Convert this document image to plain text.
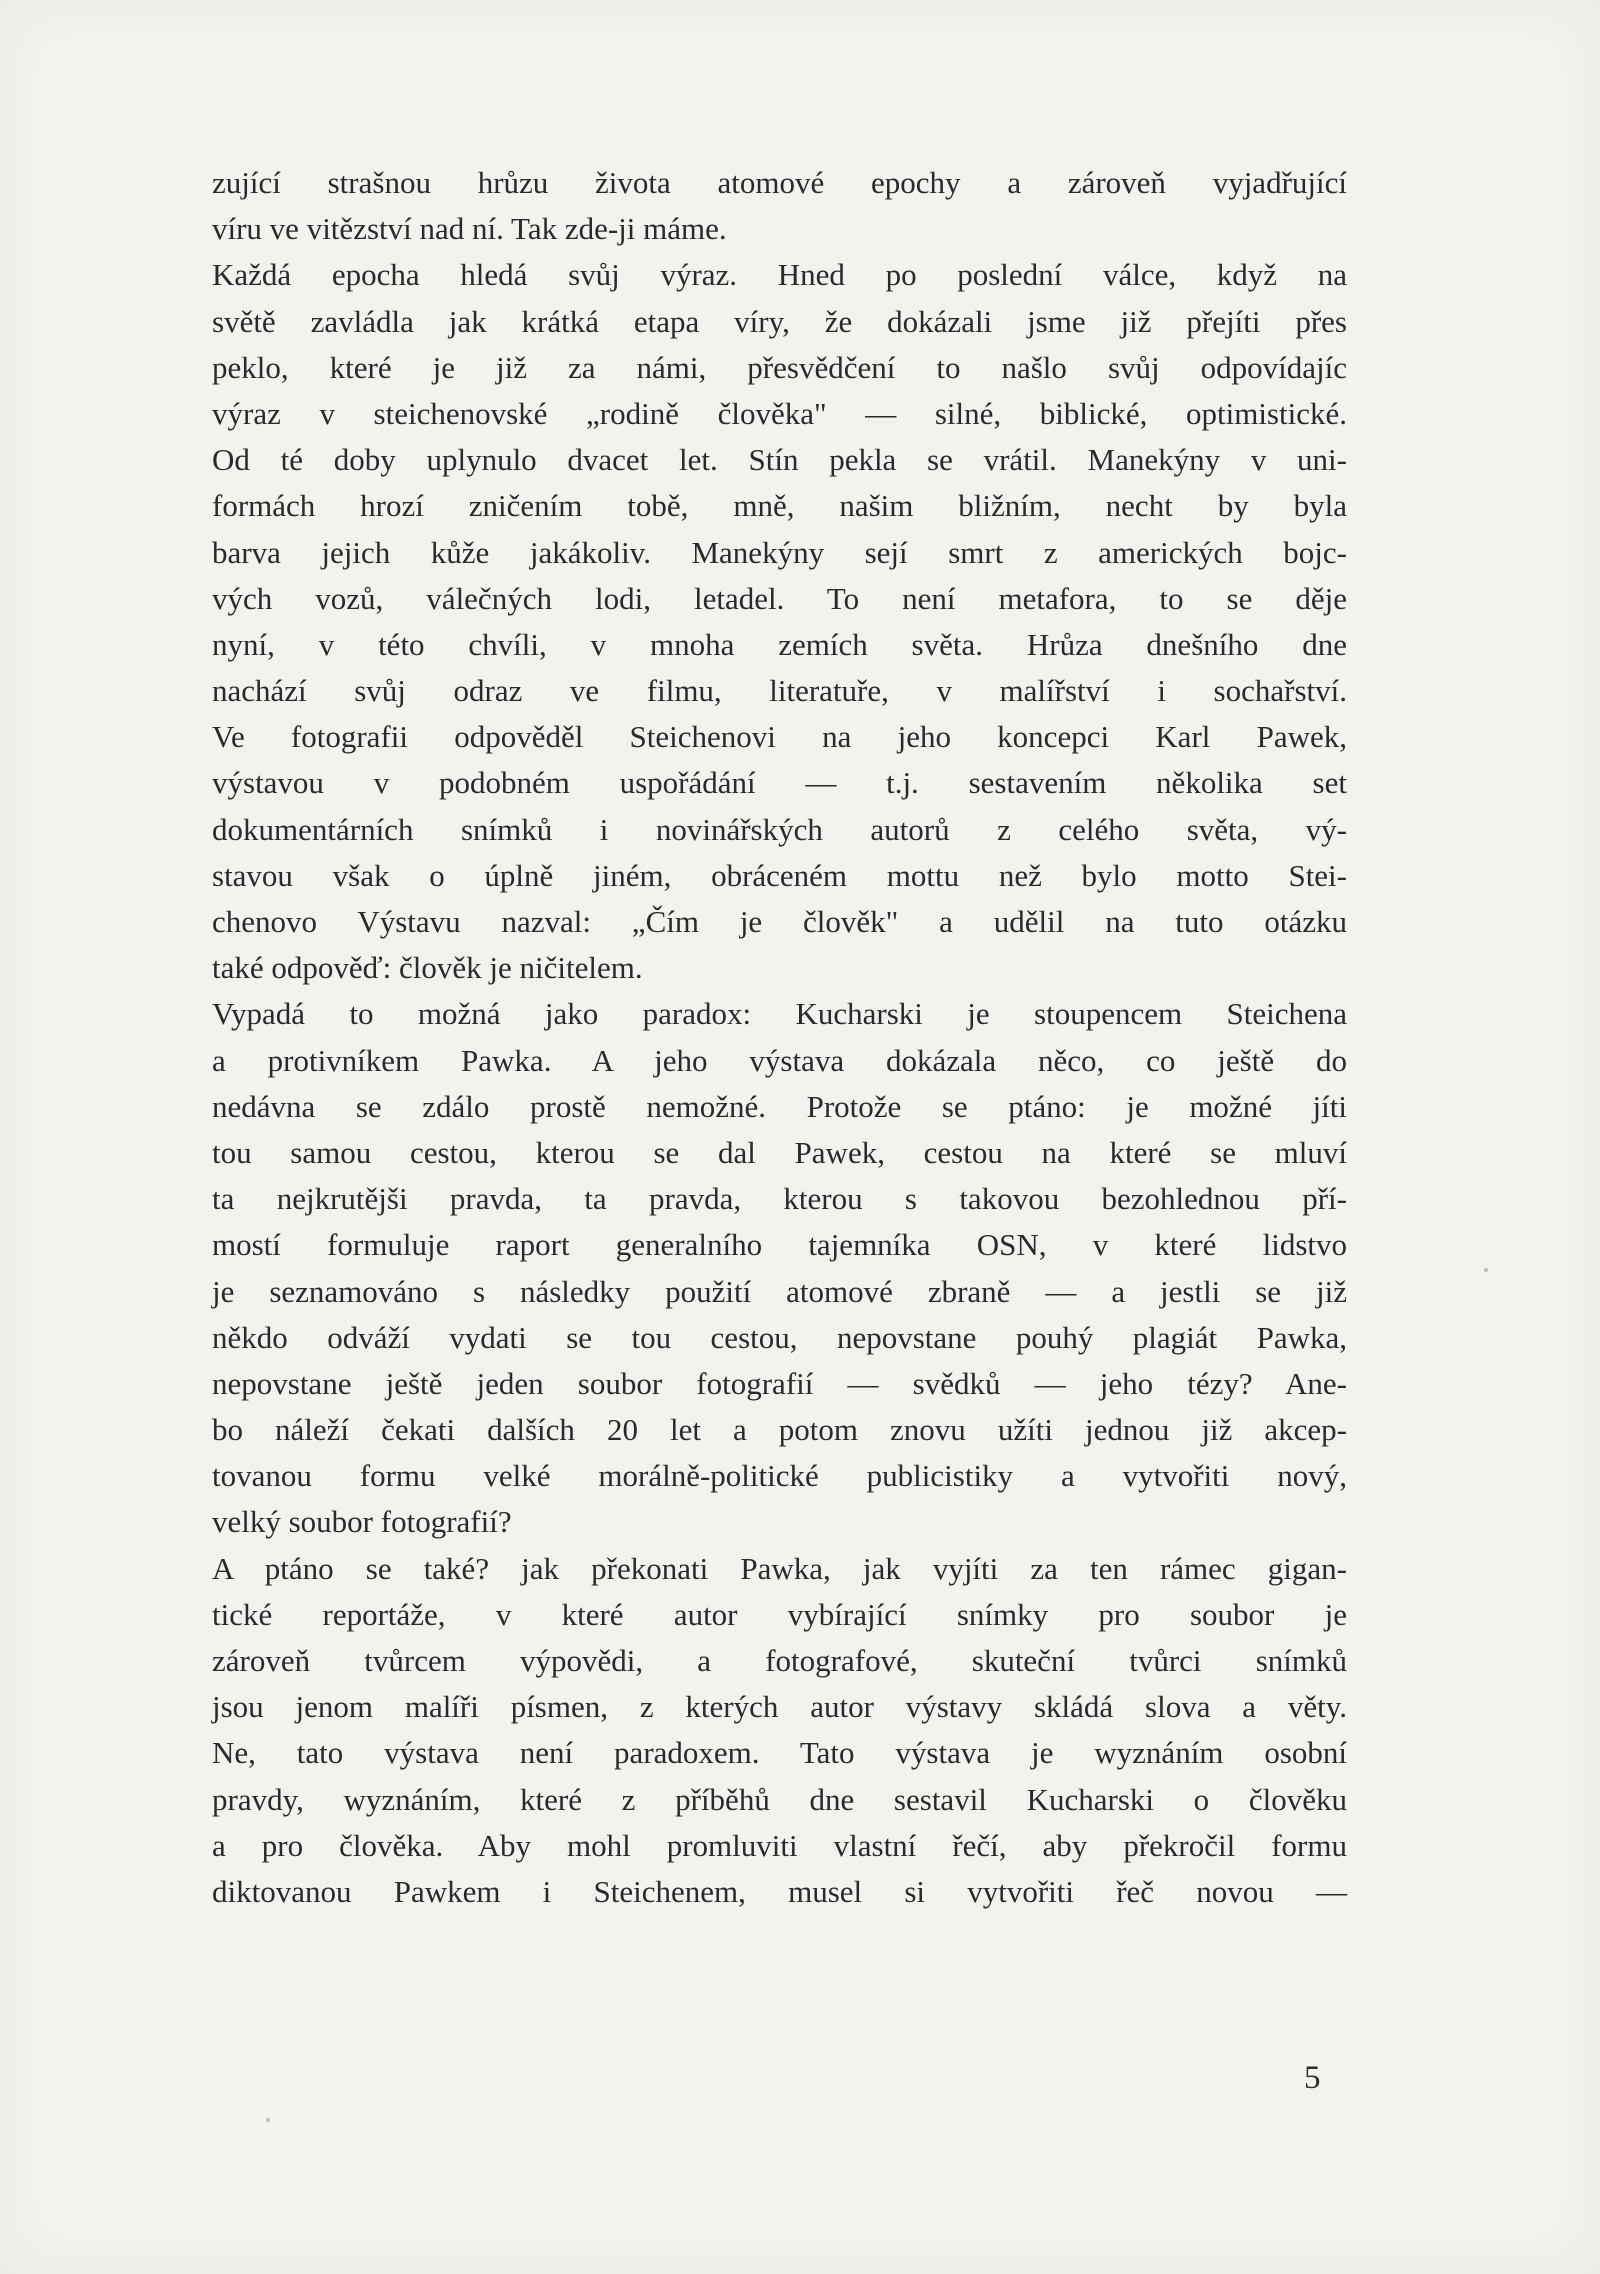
zující strašnou hrůzu života atomové epochy a zároveň vyjadřující
víru ve vitězství nad ní. Tak zde-ji máme.
Každá epocha hledá svůj výraz. Hned po poslední válce, když na
světě zavládla jak krátká etapa víry, že dokázali jsme již přejíti přes
peklo, které je již za námi, přesvědčení to našlo svůj odpovídajíc
výraz v steichenovské „rodině člověka" — silné, biblické, optimistické.
Od té doby uplynulo dvacet let. Stín pekla se vrátil. Manekýny v uni-
formách hrozí zničením tobě, mně, našim bližním, necht by byla
barva jejich kůže jakákoliv. Manekýny sejí smrt z amerických bojc-
vých vozů, válečných lodi, letadel. To není metafora, to se děje
nyní, v této chvíli, v mnoha zemích světa. Hrůza dnešního dne
nachází svůj odraz ve filmu, literatuře, v malířství i sochařství.
Ve fotografii odpověděl Steichenovi na jeho koncepci Karl Pawek,
výstavou v podobném uspořádání — t.j. sestavením několika set
dokumentárních snímků i novinářských autorů z celého světa, vý-
stavou však o úplně jiném, obráceném mottu než bylo motto Stei-
chenovo Výstavu nazval: „Čím je člověk" a udělil na tuto otázku
také odpověď: člověk je ničitelem.
Vypadá to možná jako paradox: Kucharski je stoupencem Steichena
a protivníkem Pawka. A jeho výstava dokázala něco, co ještě do
nedávna se zdálo prostě nemožné. Protože se ptáno: je možné jíti
tou samou cestou, kterou se dal Pawek, cestou na které se mluví
ta nejkrutějši pravda, ta pravda, kterou s takovou bezohlednou pří-
mostí formuluje raport generalního tajemníka OSN, v které lidstvo
je seznamováno s následky použití atomové zbraně — a jestli se již
někdo odváží vydati se tou cestou, nepovstane pouhý plagiát Pawka,
nepovstane ještě jeden soubor fotografií — svědků — jeho tézy? Ane-
bo náleží čekati dalších 20 let a potom znovu užíti jednou již akcep-
tovanou formu velké morálně-politické publicistiky a vytvořiti nový,
velký soubor fotografií?
A ptáno se také? jak překonati Pawka, jak vyjíti za ten rámec gigan-
tické reportáže, v které autor vybírající snímky pro soubor je
zároveň tvůrcem výpovědi, a fotografové, skuteční tvůrci snímků
jsou jenom malíři písmen, z kterých autor výstavy skládá slova a věty.
Ne, tato výstava není paradoxem. Tato výstava je wyznáním osobní
pravdy, wyznáním, které z příběhů dne sestavil Kucharski o člověku
a pro člověka. Aby mohl promluviti vlastní řečí, aby překročil formu
diktovanou Pawkem i Steichenem, musel si vytvořiti řeč novou —
5
